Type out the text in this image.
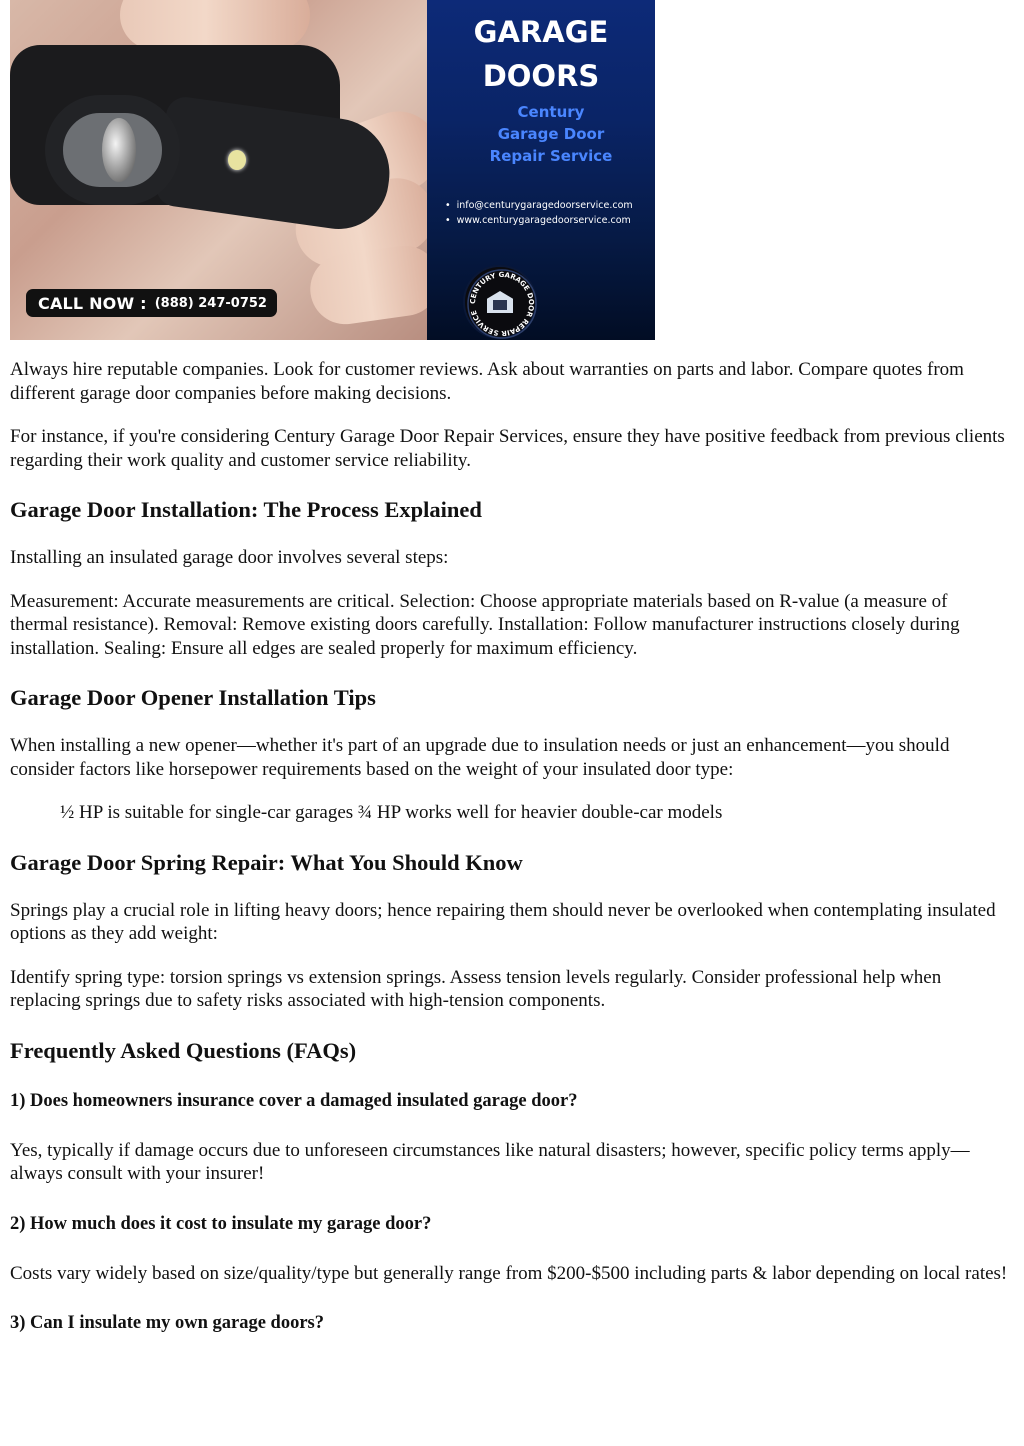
CALL NOW : (888) 247-0752
GARAGE
DOORS
Century
Garage Door
Repair Service
• info@centurygaragedoorservice.com
• www.centurygaragedoorservice.com
CENTURY GARAGE DOOR REPAIR SERVICE

Always hire reputable companies. Look for customer reviews. Ask about warranties on parts and labor. Compare quotes from different garage door companies before making decisions.

For instance, if you're considering Century Garage Door Repair Services, ensure they have positive feedback from previous clients regarding their work quality and customer service reliability.

Garage Door Installation: The Process Explained

Installing an insulated garage door involves several steps:

Measurement: Accurate measurements are critical. Selection: Choose appropriate materials based on R-value (a measure of thermal resistance). Removal: Remove existing doors carefully. Installation: Follow manufacturer instructions closely during installation. Sealing: Ensure all edges are sealed properly for maximum efficiency.

Garage Door Opener Installation Tips

When installing a new opener—whether it's part of an upgrade due to insulation needs or just an enhancement—you should consider factors like horsepower requirements based on the weight of your insulated door type:

½ HP is suitable for single-car garages ¾ HP works well for heavier double-car models

Garage Door Spring Repair: What You Should Know

Springs play a crucial role in lifting heavy doors; hence repairing them should never be overlooked when contemplating insulated options as they add weight:

Identify spring type: torsion springs vs extension springs. Assess tension levels regularly. Consider professional help when replacing springs due to safety risks associated with high-tension components.

Frequently Asked Questions (FAQs)
1) Does homeowners insurance cover a damaged insulated garage door?

Yes, typically if damage occurs due to unforeseen circumstances like natural disasters; however, specific policy terms apply—always consult with your insurer!

2) How much does it cost to insulate my garage door?

Costs vary widely based on size/quality/type but generally range from $200-$500 including parts & labor depending on local rates!

3) Can I insulate my own garage doors?
